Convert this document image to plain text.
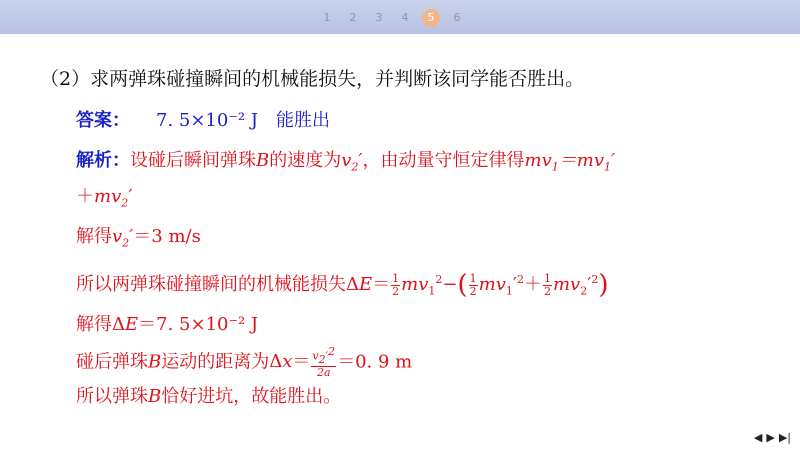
1	2	3	4	5	6
（2）求两弹珠碰撞瞬间的机械能损失，并判断该同学能否胜出。
答案： 7. 5×10⁻² J 能胜出
解析：设碰后瞬间弹珠B的速度为$v_2'$，由动量守恒定律得$mv_1=mv_1'$
$+mv_2'$
解得$v_2'=3$ m/s
所以两弹珠碰撞瞬间的机械能损失$\Delta E= \frac{1}{2} mv_1^2-( \frac{1}{2} mv_1'^2+ \frac{1}{2} mv_2'^2)$
解得ΔE＝7. 5×10⁻² J
碰后弹珠B运动的距离为$\Delta x= \frac{v_2'^2}{2a} =0$. 9 m
所以弹珠B恰好进坑，故能胜出。
◀ ▶ ▶|
